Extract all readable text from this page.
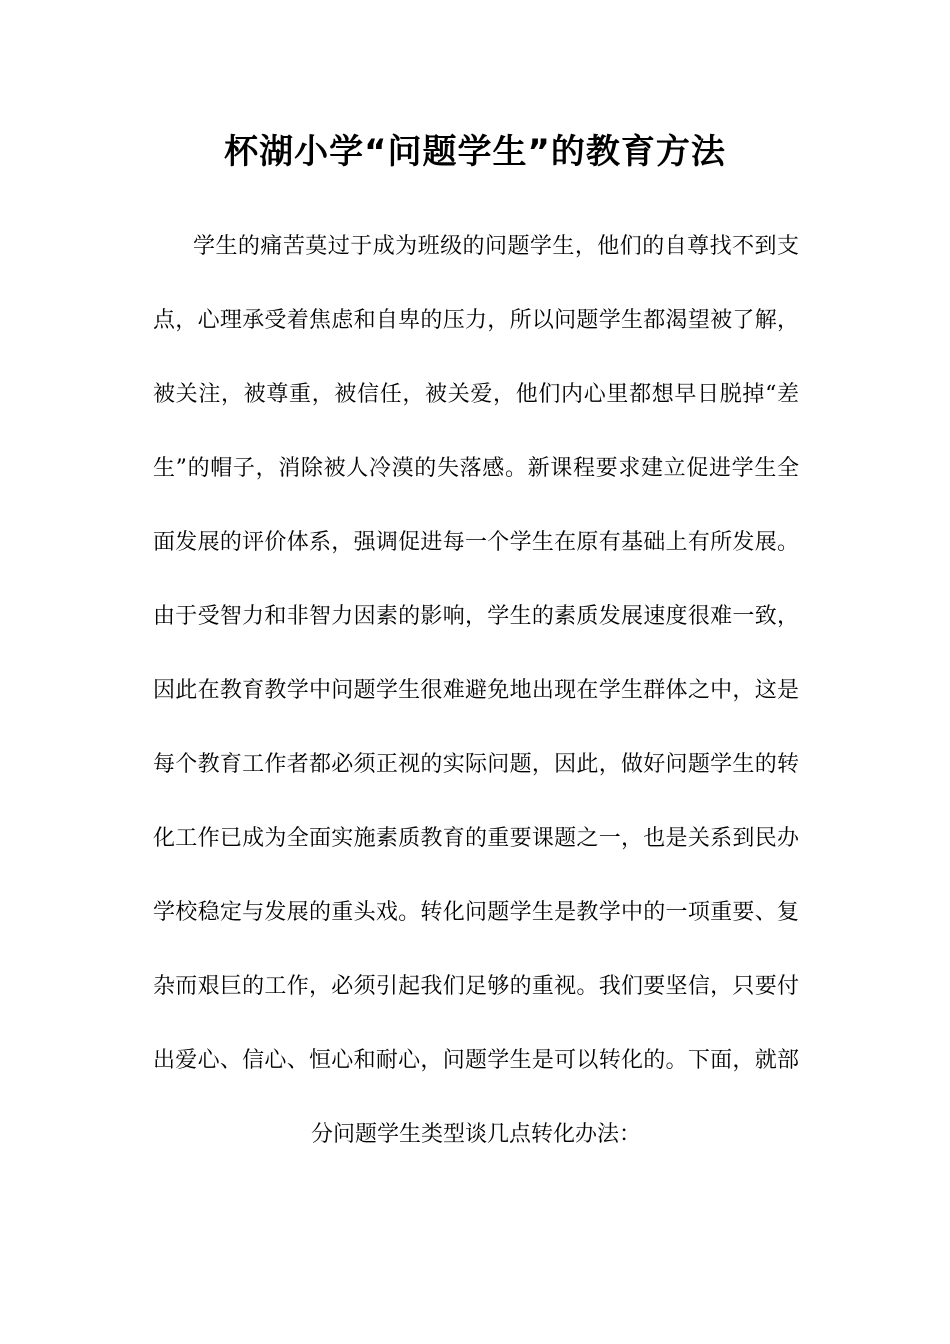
杯湖小学“问题学生”的教育方法
学生的痛苦莫过于成为班级的问题学生，他们的自尊找不到支
点，心理承受着焦虑和自卑的压力，所以问题学生都渴望被了解，
被关注，被尊重，被信任，被关爱，他们内心里都想早日脱掉“差
生”的帽子，消除被人冷漠的失落感。新课程要求建立促进学生全
面发展的评价体系，强调促进每一个学生在原有基础上有所发展。
由于受智力和非智力因素的影响，学生的素质发展速度很难一致，
因此在教育教学中问题学生很难避免地出现在学生群体之中，这是
每个教育工作者都必须正视的实际问题，因此，做好问题学生的转
化工作已成为全面实施素质教育的重要课题之一，也是关系到民办
学校稳定与发展的重头戏。转化问题学生是教学中的一项重要、复
杂而艰巨的工作，必须引起我们足够的重视。我们要坚信，只要付
出爱心、信心、恒心和耐心，问题学生是可以转化的。下面，就部
分问题学生类型谈几点转化办法：
